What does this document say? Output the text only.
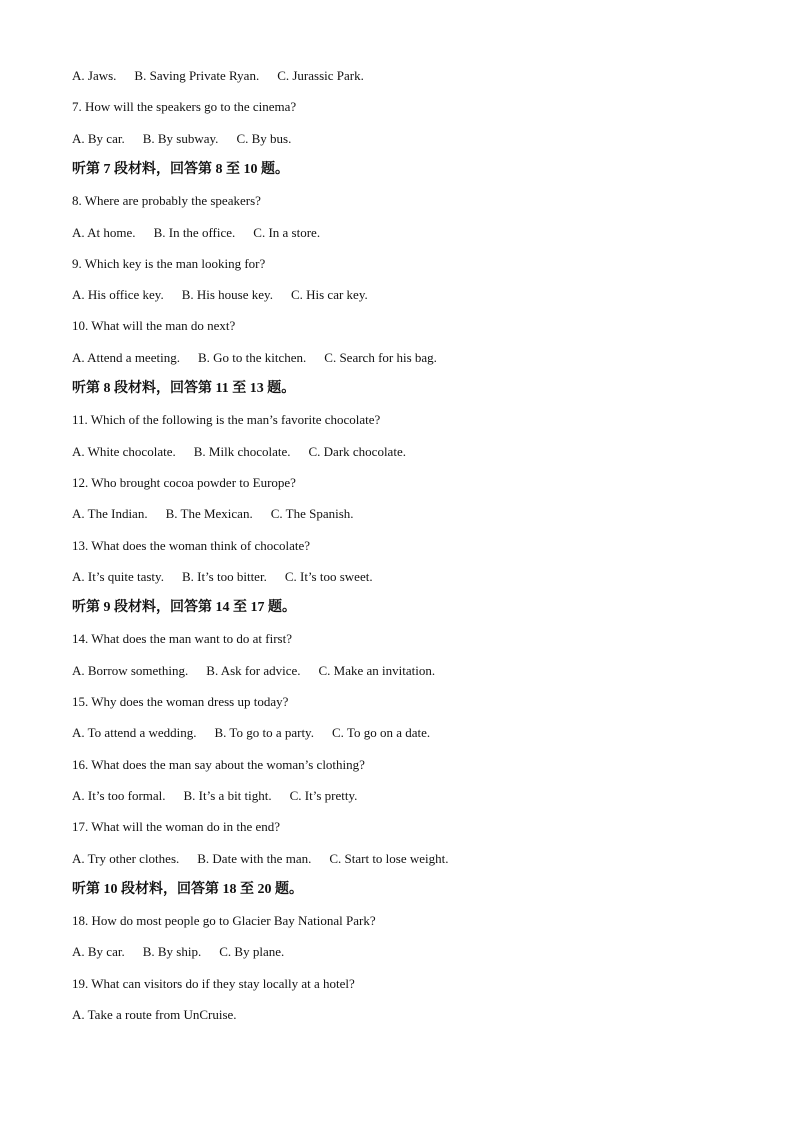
A. Jaws. B. Saving Private Ryan. C. Jurassic Park.
7. How will the speakers go to the cinema?
A. By car. B. By subway. C. By bus.
听第 7 段材料，回答第 8 至 10 题。
8. Where are probably the speakers?
A. At home. B. In the office. C. In a store.
9. Which key is the man looking for?
A. His office key. B. His house key. C. His car key.
10. What will the man do next?
A. Attend a meeting. B. Go to the kitchen. C. Search for his bag.
听第 8 段材料，回答第 11 至 13 题。
11. Which of the following is the man’s favorite chocolate?
A. White chocolate. B. Milk chocolate. C. Dark chocolate.
12. Who brought cocoa powder to Europe?
A. The Indian. B. The Mexican. C. The Spanish.
13. What does the woman think of chocolate?
A. It’s quite tasty. B. It’s too bitter. C. It’s too sweet.
听第 9 段材料，回答第 14 至 17 题。
14. What does the man want to do at first?
A. Borrow something. B. Ask for advice. C. Make an invitation.
15. Why does the woman dress up today?
A. To attend a wedding. B. To go to a party. C. To go on a date.
16. What does the man say about the woman’s clothing?
A. It’s too formal. B. It’s a bit tight. C. It’s pretty.
17. What will the woman do in the end?
A. Try other clothes. B. Date with the man. C. Start to lose weight.
听第 10 段材料，回答第 18 至 20 题。
18. How do most people go to Glacier Bay National Park?
A. By car. B. By ship. C. By plane.
19. What can visitors do if they stay locally at a hotel?
A. Take a route from UnCruise.
